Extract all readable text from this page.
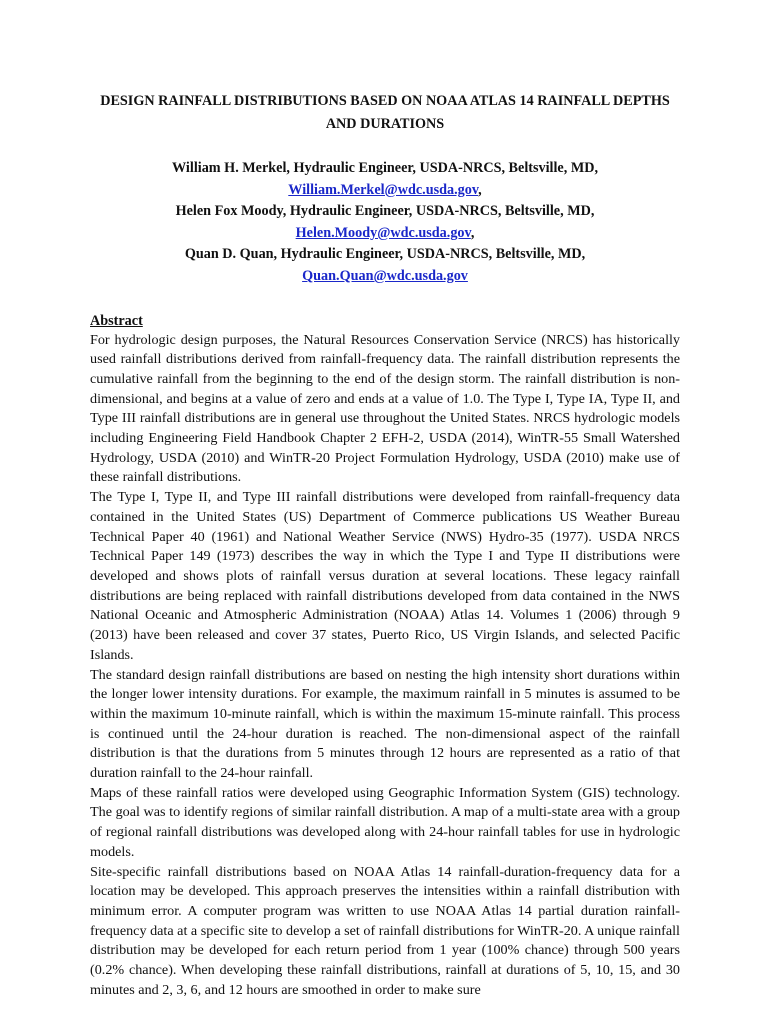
DESIGN RAINFALL DISTRIBUTIONS BASED ON NOAA ATLAS 14 RAINFALL DEPTHS AND DURATIONS
William H. Merkel, Hydraulic Engineer, USDA-NRCS, Beltsville, MD,
William.Merkel@wdc.usda.gov,
Helen Fox Moody, Hydraulic Engineer, USDA-NRCS, Beltsville, MD,
Helen.Moody@wdc.usda.gov,
Quan D. Quan, Hydraulic Engineer, USDA-NRCS, Beltsville, MD,
Quan.Quan@wdc.usda.gov
Abstract

For hydrologic design purposes, the Natural Resources Conservation Service (NRCS) has historically used rainfall distributions derived from rainfall-frequency data. The rainfall distribution represents the cumulative rainfall from the beginning to the end of the design storm. The rainfall distribution is non-dimensional, and begins at a value of zero and ends at a value of 1.0. The Type I, Type IA, Type II, and Type III rainfall distributions are in general use throughout the United States. NRCS hydrologic models including Engineering Field Handbook Chapter 2 EFH-2, USDA (2014), WinTR-55 Small Watershed Hydrology, USDA (2010) and WinTR-20 Project Formulation Hydrology, USDA (2010) make use of these rainfall distributions.

The Type I, Type II, and Type III rainfall distributions were developed from rainfall-frequency data contained in the United States (US) Department of Commerce publications US Weather Bureau Technical Paper 40 (1961) and National Weather Service (NWS) Hydro-35 (1977). USDA NRCS Technical Paper 149 (1973) describes the way in which the Type I and Type II distributions were developed and shows plots of rainfall versus duration at several locations. These legacy rainfall distributions are being replaced with rainfall distributions developed from data contained in the NWS National Oceanic and Atmospheric Administration (NOAA) Atlas 14. Volumes 1 (2006) through 9 (2013) have been released and cover 37 states, Puerto Rico, US Virgin Islands, and selected Pacific Islands.

The standard design rainfall distributions are based on nesting the high intensity short durations within the longer lower intensity durations. For example, the maximum rainfall in 5 minutes is assumed to be within the maximum 10-minute rainfall, which is within the maximum 15-minute rainfall. This process is continued until the 24-hour duration is reached. The non-dimensional aspect of the rainfall distribution is that the durations from 5 minutes through 12 hours are represented as a ratio of that duration rainfall to the 24-hour rainfall.

Maps of these rainfall ratios were developed using Geographic Information System (GIS) technology. The goal was to identify regions of similar rainfall distribution. A map of a multi-state area with a group of regional rainfall distributions was developed along with 24-hour rainfall tables for use in hydrologic models.

Site-specific rainfall distributions based on NOAA Atlas 14 rainfall-duration-frequency data for a location may be developed. This approach preserves the intensities within a rainfall distribution with minimum error. A computer program was written to use NOAA Atlas 14 partial duration rainfall-frequency data at a specific site to develop a set of rainfall distributions for WinTR-20. A unique rainfall distribution may be developed for each return period from 1 year (100% chance) through 500 years (0.2% chance). When developing these rainfall distributions, rainfall at durations of 5, 10, 15, and 30 minutes and 2, 3, 6, and 12 hours are smoothed in order to make sure
